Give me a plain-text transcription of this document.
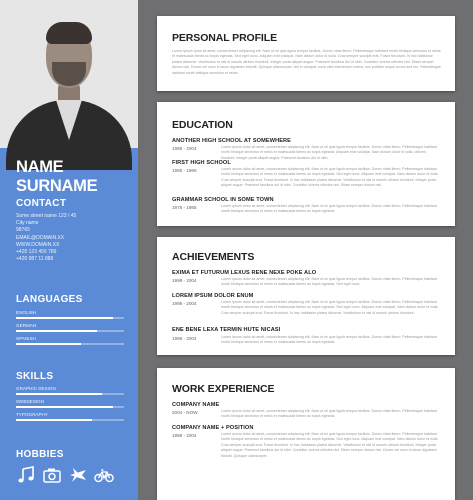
NAME SURNAME
CONTACT
Some street name 123 / 45
City name
98765
EMAIL@DOMAIN.XX
WWW.DOMAIN.XX
+420 123 456 789
+420 987 11 889
LANGUAGES
ENGLISH
GERMAN
SPANISH
SKILLS
GRAPHIC DESIGN
WEBDESIGN
TYPOGRAPHY
HOBBIES
PERSONAL PROFILE
Lorem ipsum dolor sit amet, consectetuer adipiscing elit. Nam ut mi quis ligula tempor facilisis. Donec vitae libero. Pellentesque habitant morbi tristique senectus et netus et malesuada fames ac turpis egestas. Sed eget nunc. Aliquam erat volutpat. Nam dictum dolor id nulla. Cras semper suscipit erat. Fusce tincidunt. In hac habitasse platea dictumst. Vestibulum et nisl id mauris ultrices tincidunt. Integer porta aliquet augue. Praesent faucibus dui id nibh. Curabitur viverra ultricies nisl. Etiam semper dictum nisi. Donec vel nunc in lacus dignissim blandit. Quisque ullamcorper, nisl in volutpat, nulla nibh elementum metus, nec porttitor neque lectus sed leo. Pellentesque habitant morbi tristique senectus et netus.
EDUCATION
ANOTHER HIGH SCHOOL AT SOMEWHERE
1989 - 2004	Lorem ipsum dolor sit amet, consectetuer adipiscing elit. Nam ut mi quis ligula tempor facilisis. Donec vitae libero. Pellentesque habitant morbi tristique senectus et netus et malesuada fames ac turpis egestas. Aliquam erat volutpat. Nam dictum dolor id nulla, ultrices tincidunt. Integer porta aliquet augue. Praesent faucibus dui id nibh.
FIRST HIGH SCHOOL
1985 - 1989	Lorem ipsum dolor sit amet, consectetuer adipiscing elit. Nam ut mi quis ligula tempor facilisis. Donec vitae libero. Pellentesque habitant morbi tristique senectus et netus et malesuada fames ac turpis egestas. Sed eget nunc. Aliquam erat volutpat. Nam dictum dolor id nulla. Cras semper suscipit erat. Fusce tincidunt. In hac habitasse platea dictumst. Vestibulum et nisl id mauris ultrices tincidunt. Integer porta aliquet augue. Praesent faucibus dui id nibh. Curabitur viverra ultricies nisl. Etiam semper dictum nisi.
GRAMMAR SCHOOL IN SOME TOWN
1976 - 1985	Lorem ipsum dolor sit amet, consectetuer adipiscing elit. Nam ut mi quis ligula tempor facilisis. Donec vitae libero. Pellentesque habitant morbi tristique senectus et netus et malesuada fames ac turpis egestas.
ACHIEVEMENTS
EXIMA ET FUTURUM LEXUS RENE NEXE POKE ALO
1998 - 2004	Lorem ipsum dolor sit amet, consectetuer adipiscing elit. Nam ut mi quis ligula tempor facilisis. Donec vitae libero. Pellentesque habitant morbi tristique senectus et netus et malesuada fames ac turpis egestas. Sed eget nunc.
LOREM IPSUM DOLOR ENUM
1998 - 2004	Lorem ipsum dolor sit amet, consectetuer adipiscing elit. Nam ut mi quis ligula tempor facilisis. Donec vitae libero. Pellentesque habitant morbi tristique senectus et netus et malesuada fames ac turpis egestas. Sed eget nunc. Aliquam erat volutpat. Nam dictum dolor id nulla. Cras semper suscipit erat. Fusce tincidunt. In hac habitasse platea dictumst. Vestibulum et nisl id mauris ultrices tincidunt.
ENE BENE LEXA TERMIN HUTE NICASI
1998 - 2004	Lorem ipsum dolor sit amet, consectetuer adipiscing elit. Nam ut mi quis ligula tempor facilisis. Donec vitae libero. Pellentesque habitant morbi tristique senectus et netus et malesuada fames ac turpis egestas.
WORK EXPERIENCE
COMPANY NAME
2004 - NOW	Lorem ipsum dolor sit amet, consectetuer adipiscing elit. Nam ut mi quis ligula tempor facilisis. Donec vitae libero. Pellentesque habitant morbi tristique senectus et netus et malesuada fames ac turpis egestas.
COMPANY NAME + POSITION
1998 - 2004	Lorem ipsum dolor sit amet, consectetuer adipiscing elit. Nam ut mi quis ligula tempor facilisis. Donec vitae libero. Pellentesque habitant morbi tristique senectus et netus et malesuada fames ac turpis egestas. Sed eget nunc. Aliquam erat volutpat. Nam dictum dolor id nulla. Cras semper suscipit erat. Fusce tincidunt. In hac habitasse platea dictumst. Vestibulum et nisl id mauris ultrices tincidunt. Integer porta aliquet augue. Praesent faucibus dui id nibh. Curabitur viverra ultricies nisl. Etiam semper dictum nisi. Donec vel nunc in lacus dignissim blandit. Quisque ullamcorper.
